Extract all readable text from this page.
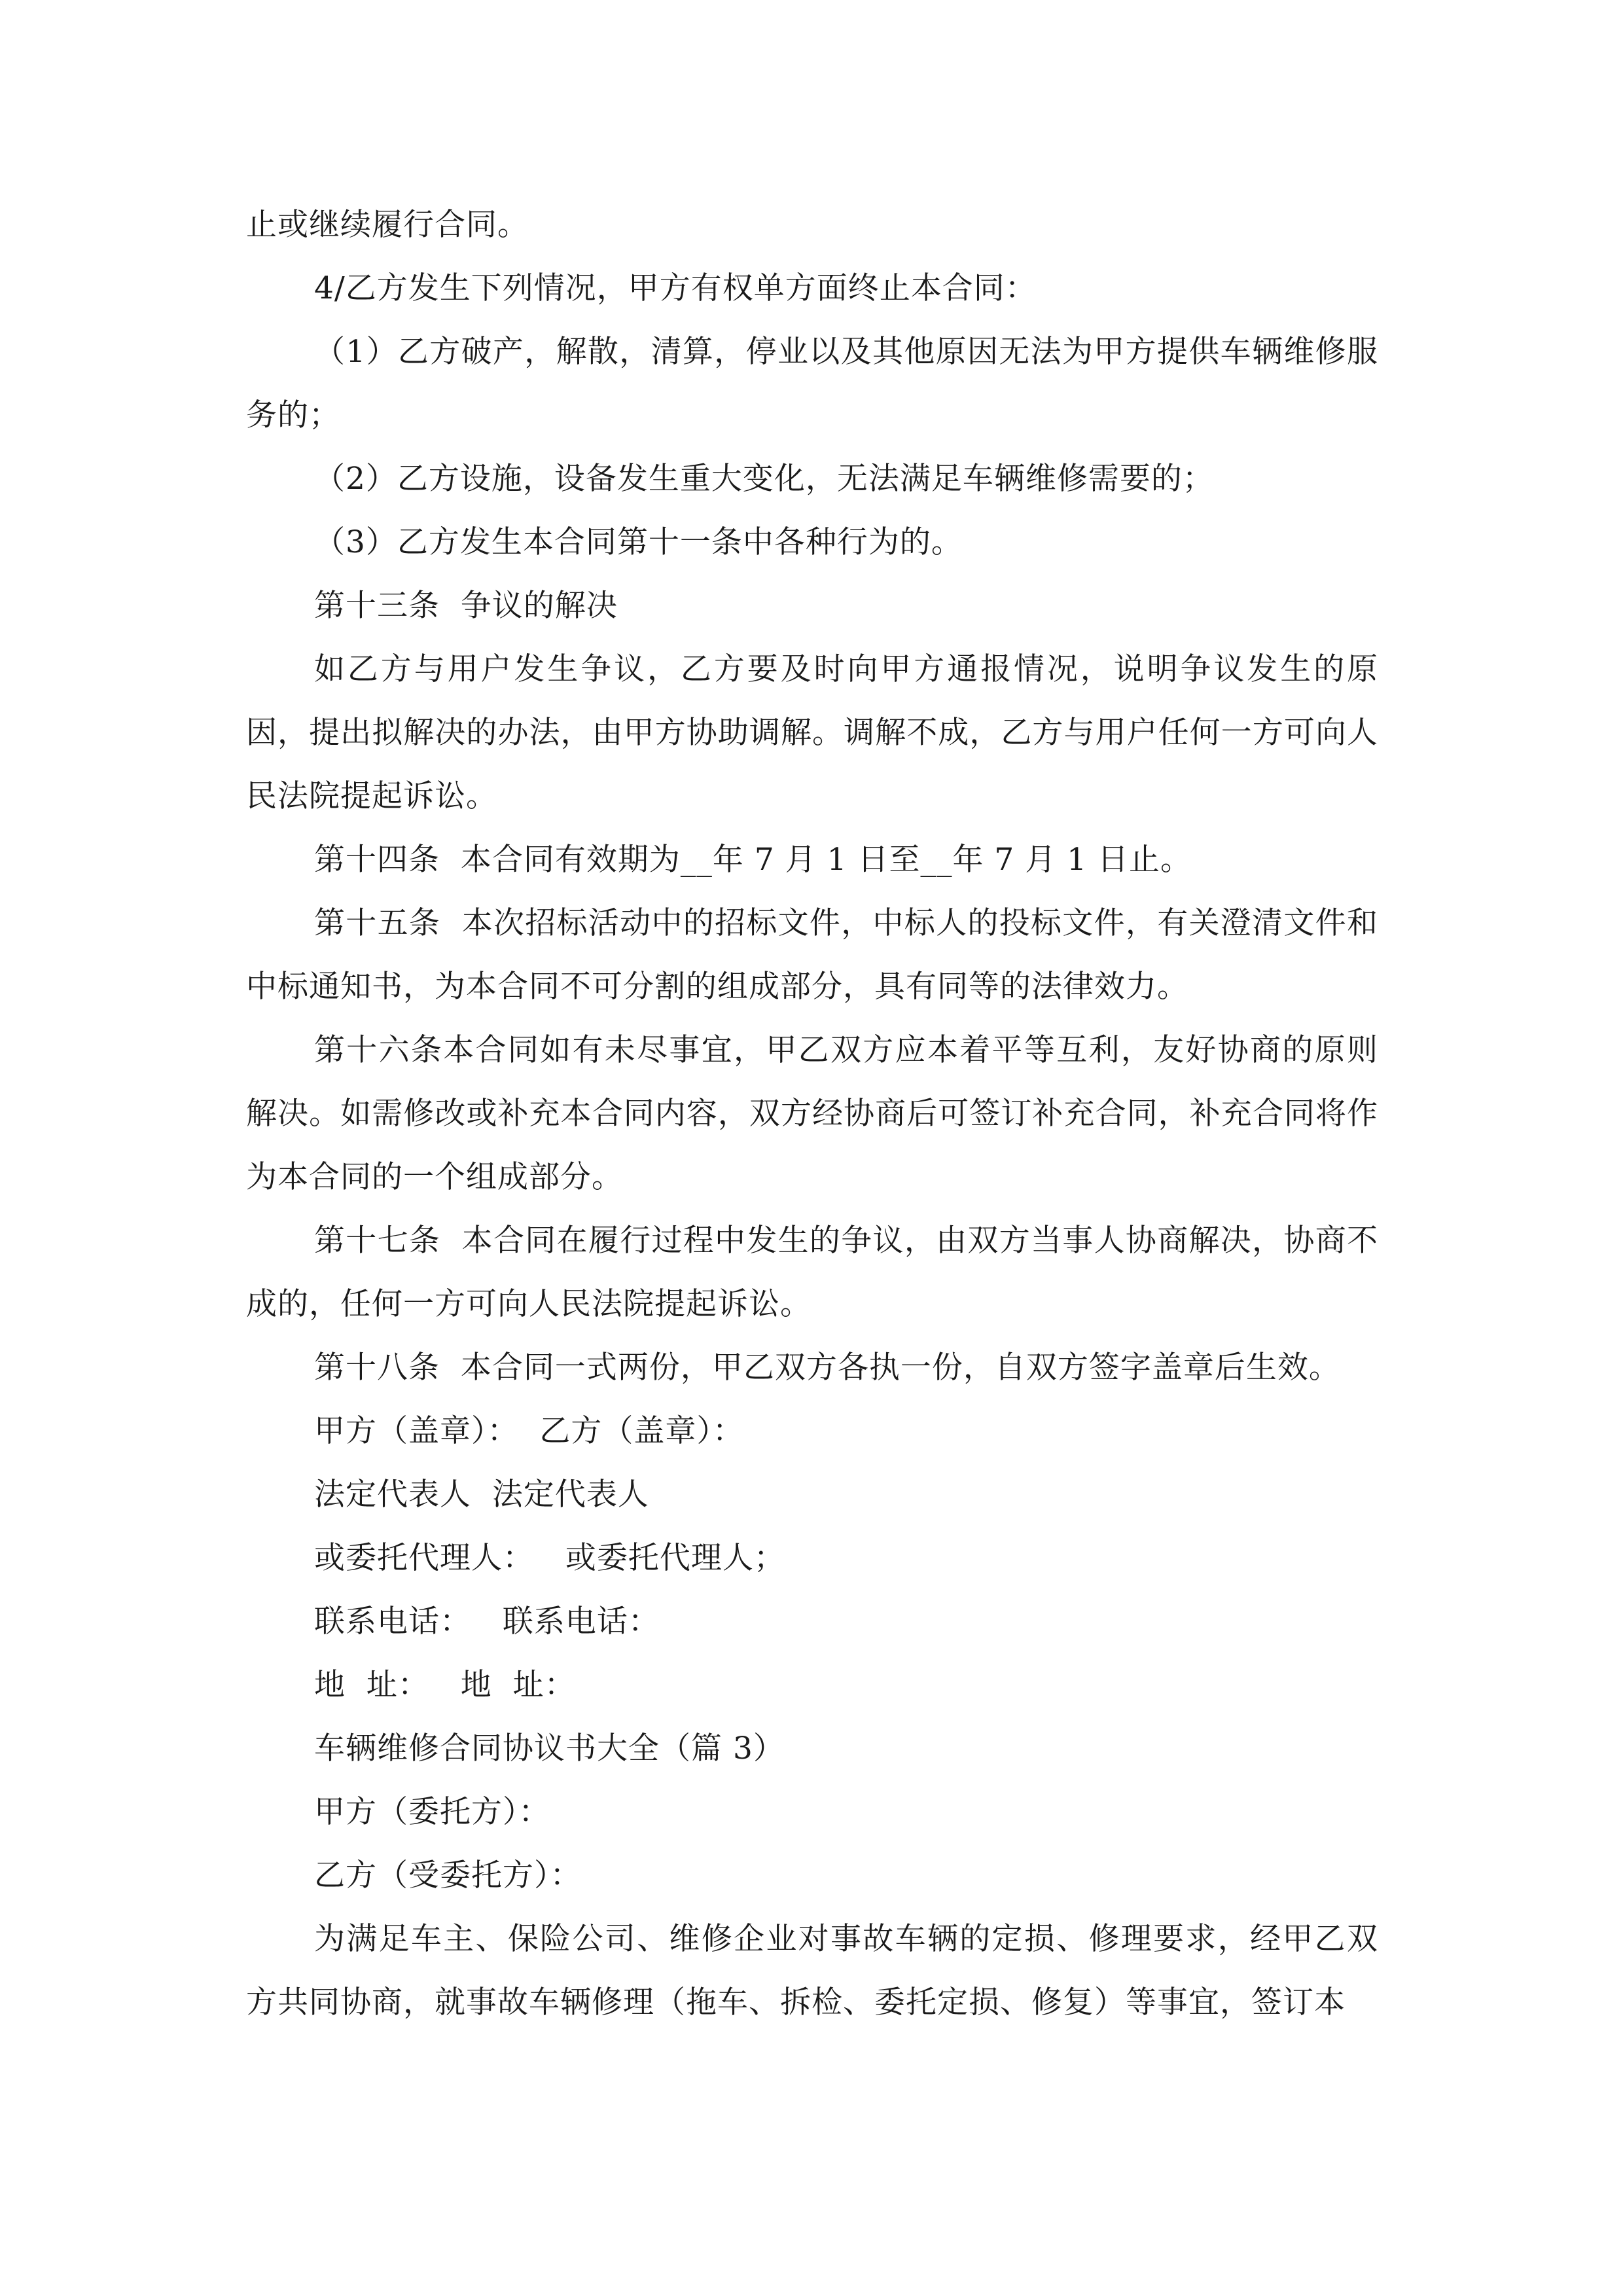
止或继续履行合同。

4/乙方发生下列情况，甲方有权单方面终止本合同：

（1）乙方破产，解散，清算，停业以及其他原因无法为甲方提供车辆维修服务的；

（2）乙方设施，设备发生重大变化，无法满足车辆维修需要的；

（3）乙方发生本合同第十一条中各种行为的。

第十三条  争议的解决

如乙方与用户发生争议，乙方要及时向甲方通报情况，说明争议发生的原因，提出拟解决的办法，由甲方协助调解。调解不成，乙方与用户任何一方可向人民法院提起诉讼。

第十四条  本合同有效期为__年 7 月 1 日至__年 7 月 1 日止。

第十五条  本次招标活动中的招标文件，中标人的投标文件，有关澄清文件和中标通知书，为本合同不可分割的组成部分，具有同等的法律效力。

第十六条本合同如有未尽事宜，甲乙双方应本着平等互利，友好协商的原则解决。如需修改或补充本合同内容，双方经协商后可签订补充合同，补充合同将作为本合同的一个组成部分。

第十七条  本合同在履行过程中发生的争议，由双方当事人协商解决，协商不成的，任何一方可向人民法院提起诉讼。

第十八条  本合同一式两份，甲乙双方各执一份，自双方签字盖章后生效。

甲方（盖章）：  乙方（盖章）：

法定代表人  法定代表人

或委托代理人：   或委托代理人；

联系电话：   联系电话：

地  址：   地  址：

车辆维修合同协议书大全（篇 3）

甲方（委托方）：

乙方（受委托方）：

为满足车主、保险公司、维修企业对事故车辆的定损、修理要求，经甲乙双方共同协商，就事故车辆修理（拖车、拆检、委托定损、修复）等事宜，签订本
